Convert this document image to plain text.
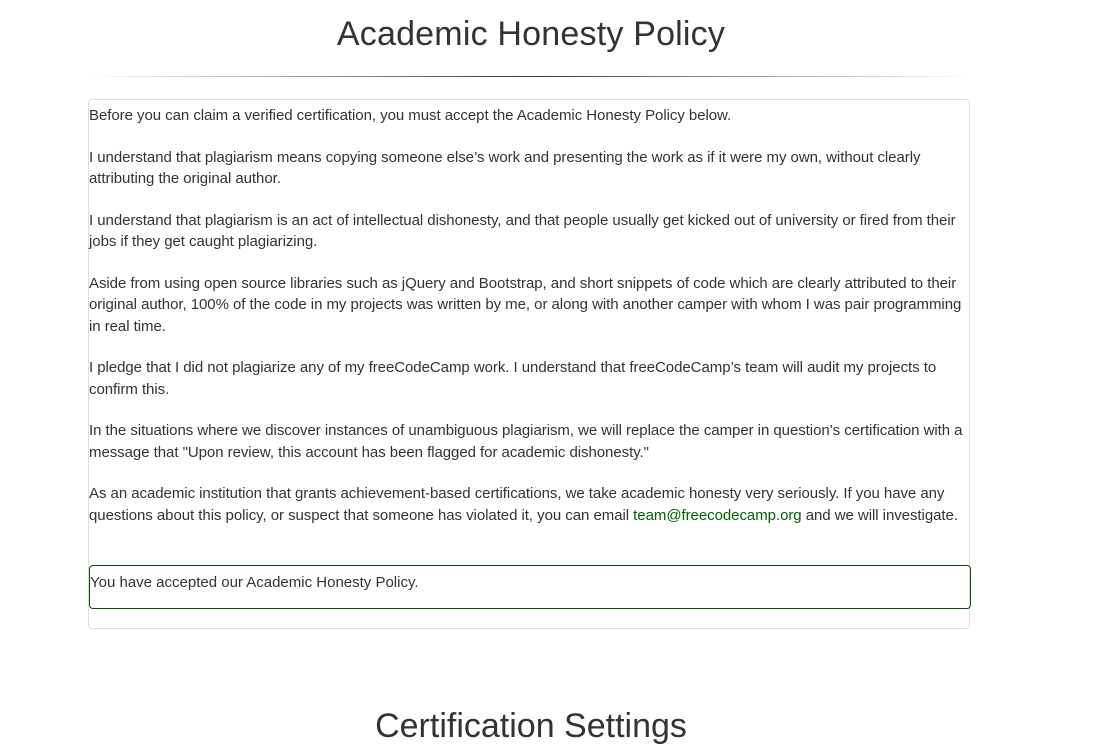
Academic Honesty Policy

Before you can claim a verified certification, you must accept the Academic Honesty Policy below.

I understand that plagiarism means copying someone else’s work and presenting the work as if it were my own, without clearly attributing the original author.

I understand that plagiarism is an act of intellectual dishonesty, and that people usually get kicked out of university or fired from their jobs if they get caught plagiarizing.

Aside from using open source libraries such as jQuery and Bootstrap, and short snippets of code which are clearly attributed to their original author, 100% of the code in my projects was written by me, or along with another camper with whom I was pair programming in real time.

I pledge that I did not plagiarize any of my freeCodeCamp work. I understand that freeCodeCamp’s team will audit my projects to confirm this.

In the situations where we discover instances of unambiguous plagiarism, we will replace the camper in question’s certification with a message that "Upon review, this account has been flagged for academic dishonesty."

As an academic institution that grants achievement-based certifications, we take academic honesty very seriously. If you have any questions about this policy, or suspect that someone has violated it, you can email team@freecodecamp.org and we will investigate.

You have accepted our Academic Honesty Policy.
Certification Settings
